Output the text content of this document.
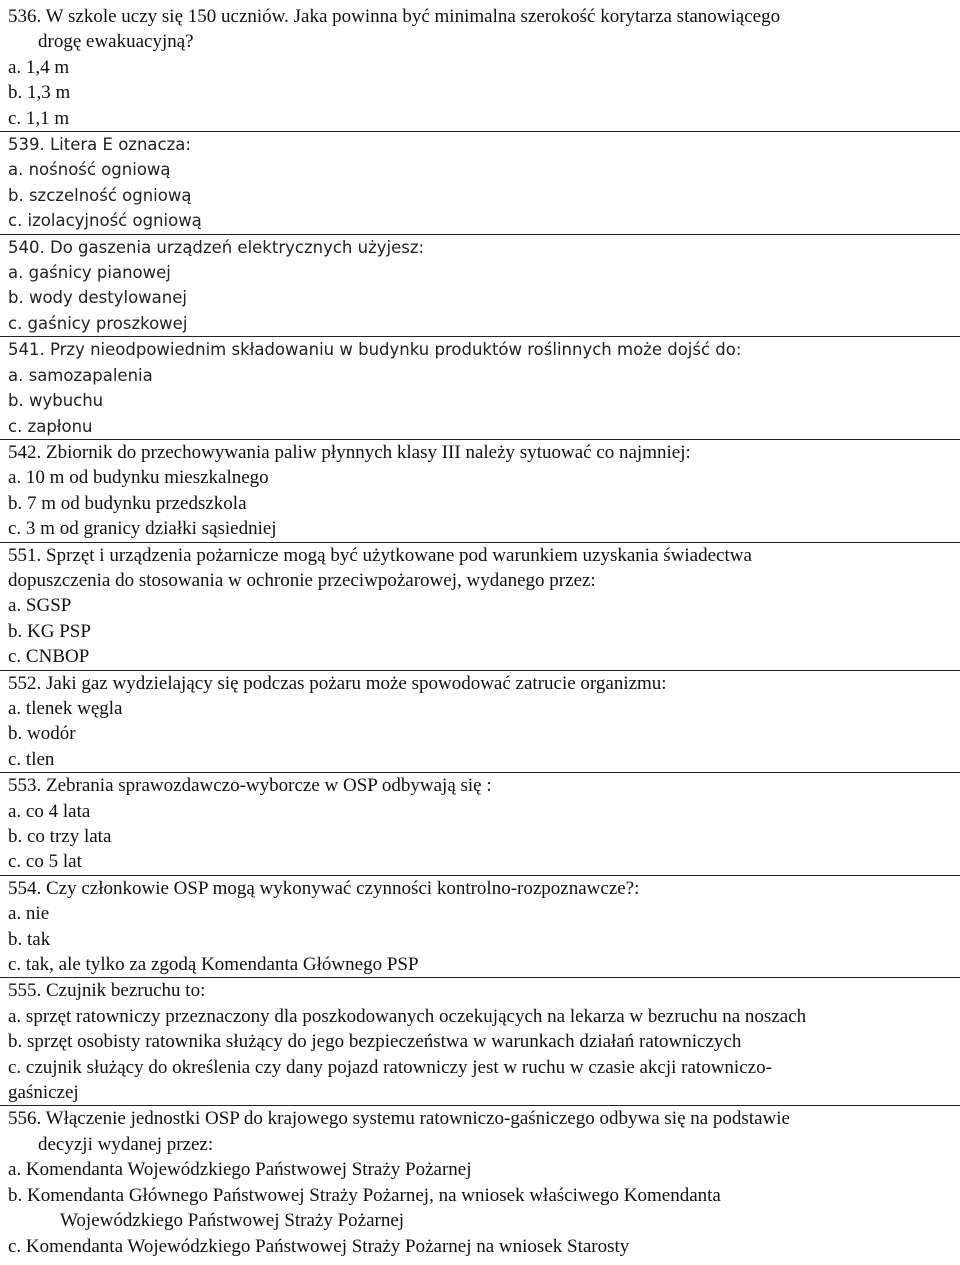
536. W szkole uczy się 150 uczniów. Jaka powinna być minimalna szerokość korytarza stanowiącego

drogę ewakuacyjną?

a. 1,4 m

b. 1,3 m

c. 1,1 m

539. Litera E oznacza:

a. nośność ogniową

b. szczelność ogniową

c. izolacyjność ogniową

540. Do gaszenia urządzeń elektrycznych użyjesz:

a. gaśnicy pianowej

b. wody destylowanej

c. gaśnicy proszkowej

541. Przy nieodpowiednim składowaniu w budynku produktów roślinnych może dojść do:

a. samozapalenia

b. wybuchu

c. zapłonu

542. Zbiornik do przechowywania paliw płynnych klasy III należy sytuować co najmniej:

a. 10 m od budynku mieszkalnego

b. 7 m od budynku przedszkola

c. 3 m od granicy działki sąsiedniej

551. Sprzęt i urządzenia pożarnicze mogą być użytkowane pod warunkiem uzyskania świadectwa

dopuszczenia do stosowania w ochronie przeciwpożarowej, wydanego przez:

a. SGSP

b. KG PSP

c. CNBOP

552. Jaki gaz wydzielający się podczas pożaru może spowodować zatrucie organizmu:

a. tlenek węgla

b. wodór

c. tlen

553. Zebrania sprawozdawczo-wyborcze w OSP odbywają się :

a. co 4 lata

b. co trzy lata

c. co 5 lat

554. Czy członkowie OSP mogą wykonywać czynności kontrolno-rozpoznawcze?:

a. nie

b. tak

c. tak, ale tylko za zgodą Komendanta Głównego PSP

555. Czujnik bezruchu to:

a. sprzęt ratowniczy przeznaczony dla poszkodowanych oczekujących na lekarza w bezruchu na noszach

b. sprzęt osobisty ratownika służący do jego bezpieczeństwa w warunkach działań ratowniczych

c. czujnik służący do określenia czy dany pojazd ratowniczy jest w ruchu w czasie akcji ratowniczo-

gaśniczej

556. Włączenie jednostki OSP do krajowego systemu ratowniczo-gaśniczego odbywa się na podstawie

decyzji wydanej przez:

a. Komendanta Wojewódzkiego Państwowej Straży Pożarnej

b. Komendanta Głównego Państwowej Straży Pożarnej, na wniosek właściwego Komendanta

Wojewódzkiego Państwowej Straży Pożarnej

c. Komendanta Wojewódzkiego Państwowej Straży Pożarnej na wniosek Starosty
